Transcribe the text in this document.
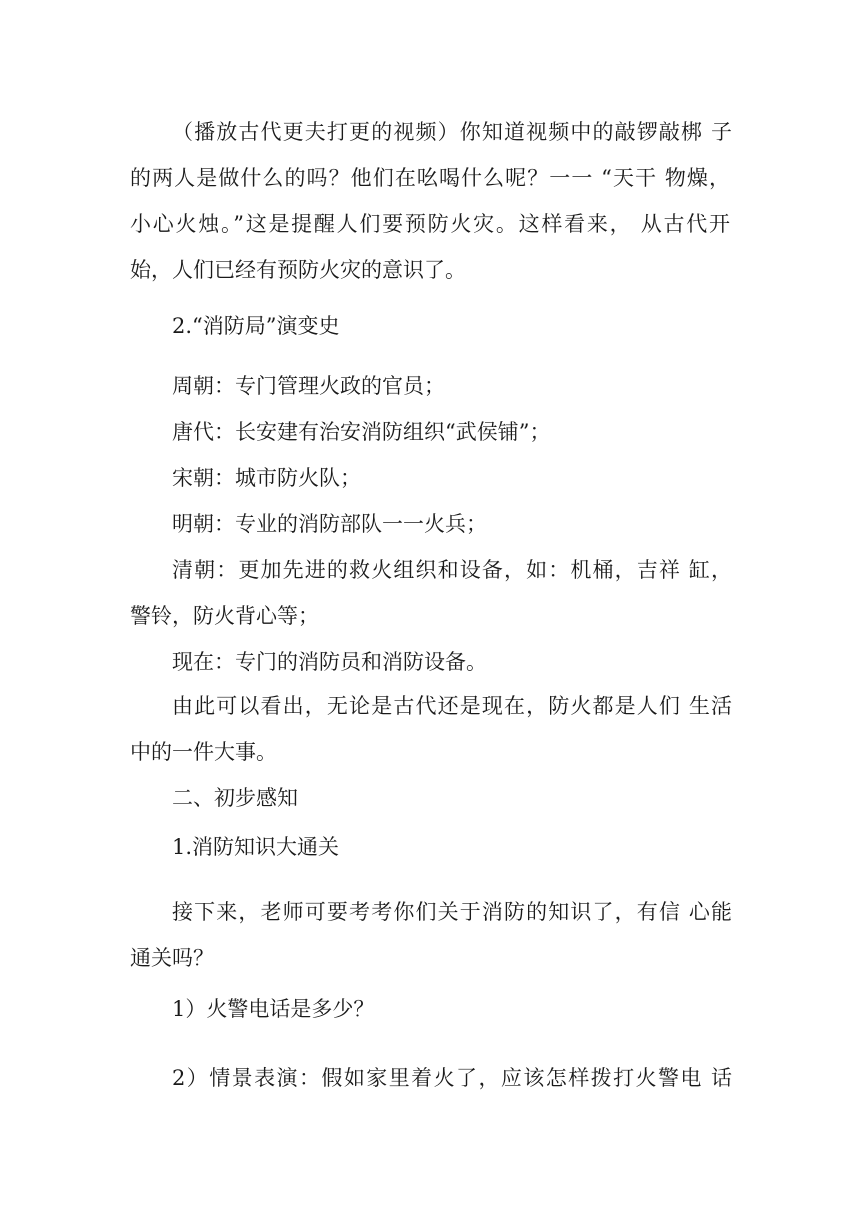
（播放古代更夫打更的视频）你知道视频中的敲锣敲梆 子
的两人是做什么的吗？他们在吆喝什么呢？一一 “天干 物燥，
小心火烛。”这是提醒人们要预防火灾。这样看来， 从古代开
始，人们已经有预防火灾的意识了。
2.“消防局”演变史
周朝：专门管理火政的官员；
唐代：长安建有治安消防组织“武侯铺”；
宋朝：城市防火队；
明朝：专业的消防部队一一火兵；
清朝：更加先进的救火组织和设备，如：机桶，吉祥 缸，
警铃，防火背心等；
现在：专门的消防员和消防设备。
由此可以看出，无论是古代还是现在，防火都是人们 生活
中的一件大事。
二、初步感知
1.消防知识大通关
接下来，老师可要考考你们关于消防的知识了，有信 心能
通关吗？
1）火警电话是多少？
2）情景表演：假如家里着火了，应该怎样拨打火警电 话
